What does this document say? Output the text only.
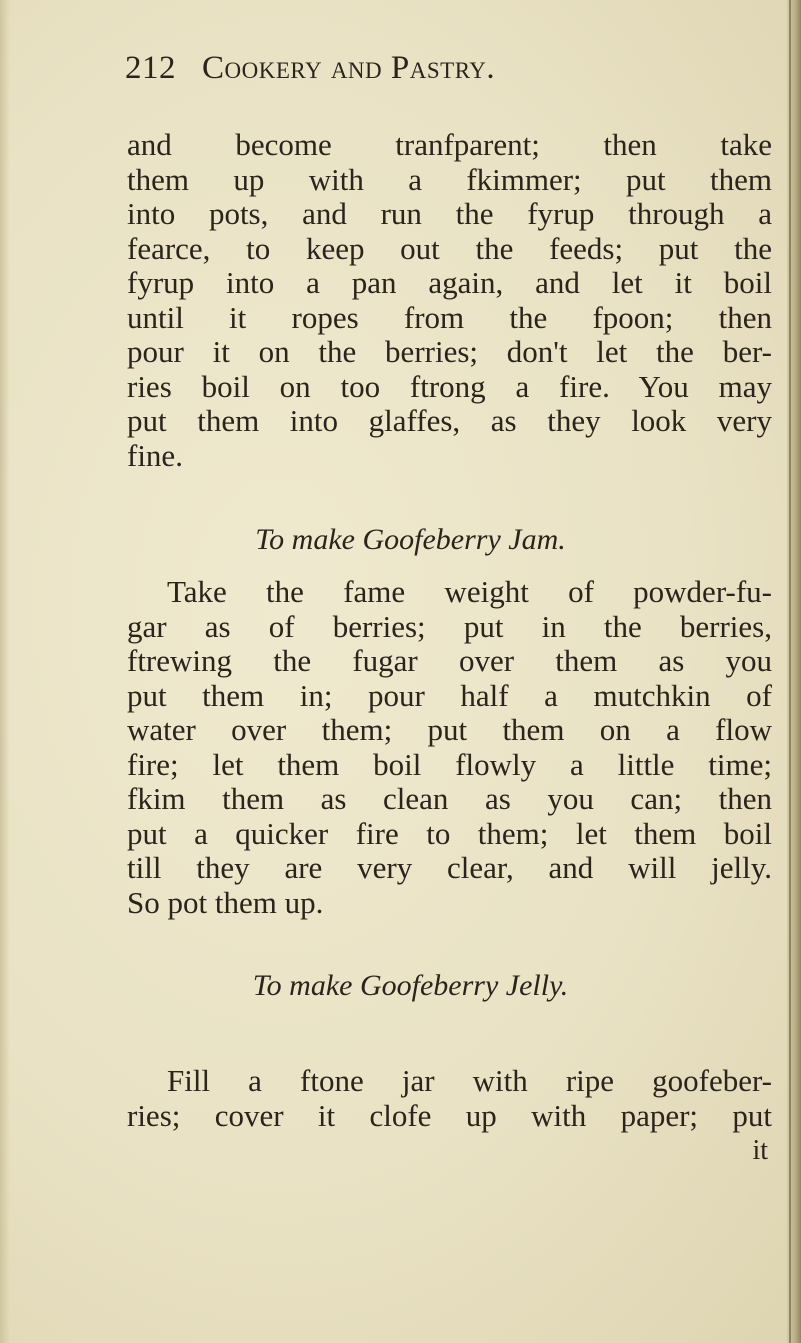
212 Cookery and Pastry.
and become tranfparent; then take
them up with a fkimmer; put them
into pots, and run the fyrup through a
fearce, to keep out the feeds; put the
fyrup into a pan again, and let it boil
until it ropes from the fpoon; then
pour it on the berries; don't let the ber-
ries boil on too ftrong a fire. You may
put them into glaffes, as they look very
fine.
To make Goofeberry Jam.
Take the fame weight of powder-fu-
gar as of berries; put in the berries,
ftrewing the fugar over them as you
put them in; pour half a mutchkin of
water over them; put them on a flow
fire; let them boil flowly a little time;
fkim them as clean as you can; then
put a quicker fire to them; let them boil
till they are very clear, and will jelly.
So pot them up.
To make Goofeberry Jelly.
Fill a ftone jar with ripe goofeber-
ries; cover it clofe up with paper; put
it
